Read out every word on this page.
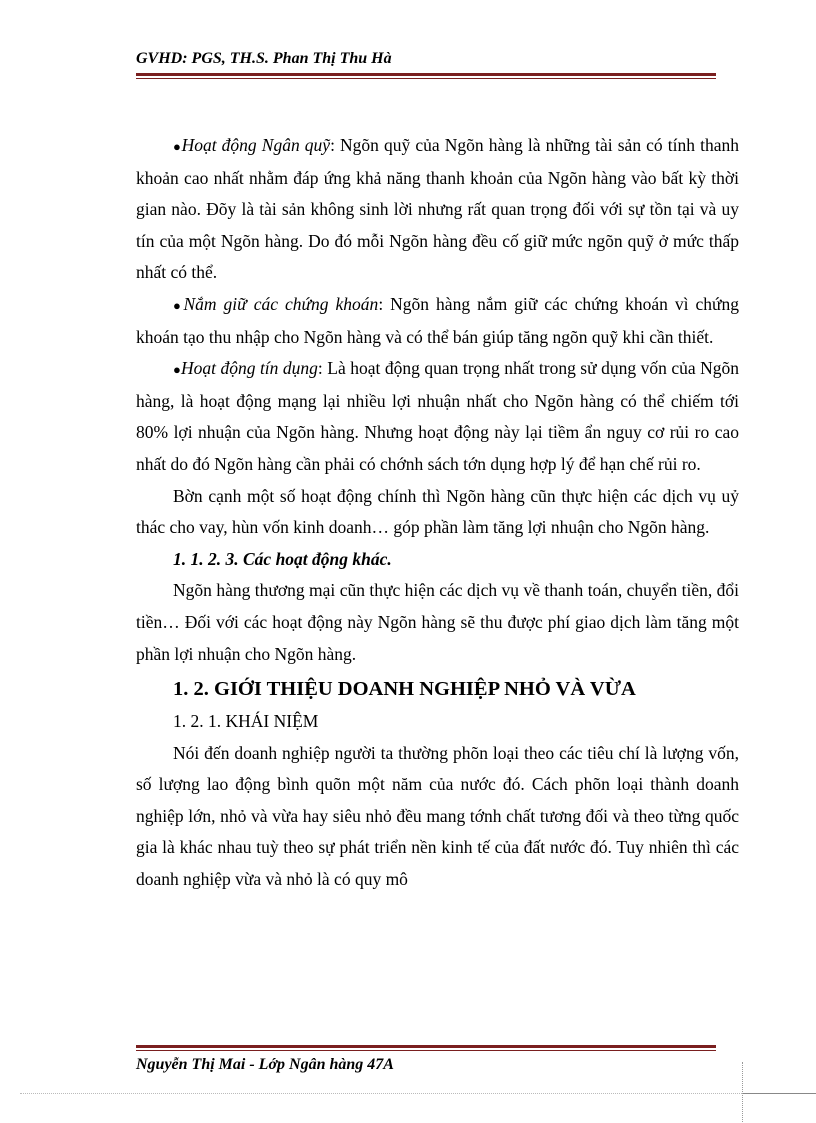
GVHD: PGS, TH.S. Phan Thị Thu Hà

●Hoạt động Ngân quỹ: Ngõn quỹ của Ngõn hàng là những tài sản có tính thanh khoản cao nhất nhằm đáp ứng khả năng thanh khoản của Ngõn hàng vào bất kỳ thời gian nào. Đõy là tài sản không sinh lời nhưng rất quan trọng đối với sự tồn tại và uy tín của một Ngõn hàng. Do đó mỗi Ngõn hàng đều cố giữ mức ngõn quỹ ở mức thấp nhất có thể.

●Nắm giữ các chứng khoán: Ngõn hàng nắm giữ các chứng khoán vì chứng khoán tạo thu nhập cho Ngõn hàng và có thể bán giúp tăng ngõn quỹ khi cần thiết.

●Hoạt động tín dụng: Là hoạt động quan trọng nhất trong sử dụng vốn của Ngõn hàng, là hoạt động mạng lại nhiều lợi nhuận nhất cho Ngõn hàng có thể chiếm tới 80% lợi nhuận của Ngõn hàng. Nhưng hoạt động này lại tiềm ẩn nguy cơ rủi ro cao nhất do đó Ngõn hàng cần phải có chớnh sách tớn dụng hợp lý để hạn chế rủi ro.

Bờn cạnh một số hoạt động chính thì Ngõn hàng cũn thực hiện các dịch vụ uỷ thác cho vay, hùn vốn kinh doanh… góp phần làm tăng lợi nhuận cho Ngõn hàng.

1. 1. 2. 3. Các hoạt động khác.

Ngõn hàng thương mại cũn thực hiện các dịch vụ về thanh toán, chuyển tiền, đổi tiền… Đối với các hoạt động này Ngõn hàng sẽ thu được phí giao dịch làm tăng một phần lợi nhuận cho Ngõn hàng.

1. 2. GIỚI THIỆU DOANH NGHIỆP NHỎ VÀ VỪA

1. 2. 1. KHÁI NIỆM

Nói đến doanh nghiệp người ta thường phõn loại theo các tiêu chí là lượng vốn, số lượng lao động bình quõn một năm của nước đó. Cách phõn loại thành doanh nghiệp lớn, nhỏ và vừa hay siêu nhỏ đều mang tớnh chất tương đối và theo từng quốc gia là khác nhau tuỳ theo sự phát triển nền kinh tế của đất nước đó. Tuy nhiên thì các doanh nghiệp vừa và nhỏ là có quy mô

Nguyễn Thị Mai - Lớp Ngân hàng 47A
